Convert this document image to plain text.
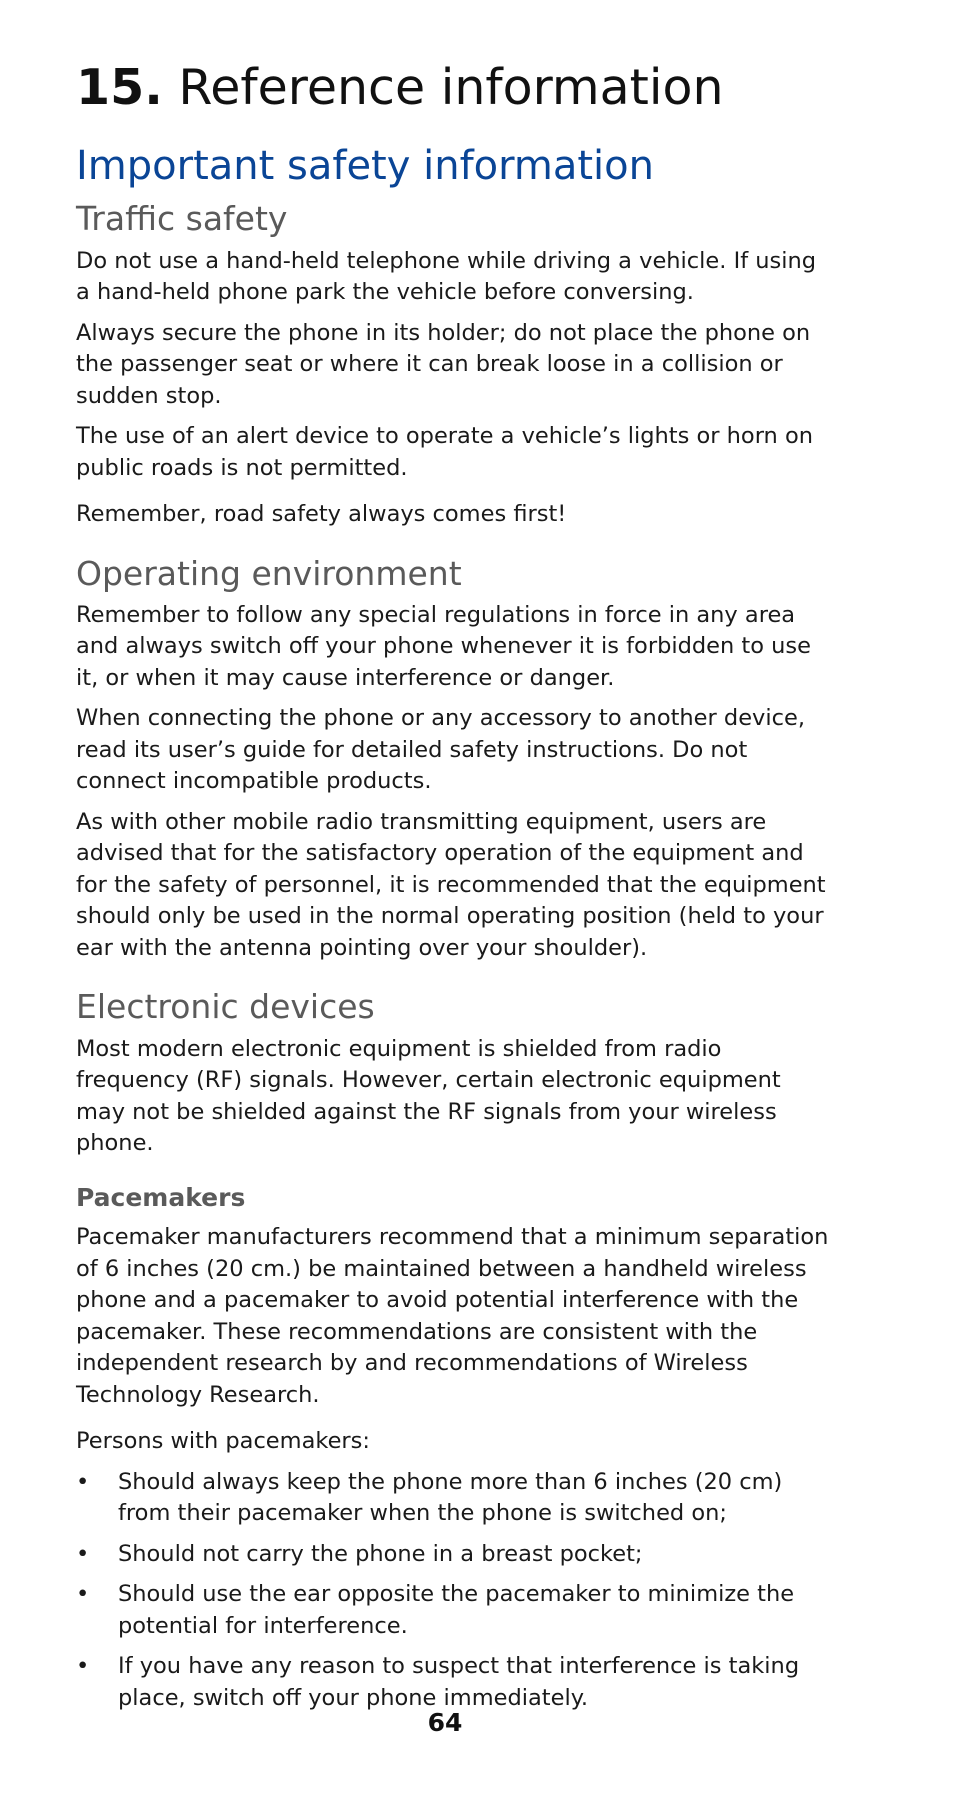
15. Reference information
Important safety information
Traffic safety

Do not use a hand-held telephone while driving a vehicle. If using a hand-held phone park the vehicle before conversing.

Always secure the phone in its holder; do not place the phone on the passenger seat or where it can break loose in a collision or sudden stop.

The use of an alert device to operate a vehicle’s lights or horn on public roads is not permitted.

Remember, road safety always comes first!

Operating environment

Remember to follow any special regulations in force in any area and always switch off your phone whenever it is forbidden to use it, or when it may cause interference or danger.

When connecting the phone or any accessory to another device, read its user’s guide for detailed safety instructions. Do not connect incompatible products.

As with other mobile radio transmitting equipment, users are advised that for the satisfactory operation of the equipment and for the safety of personnel, it is recommended that the equipment should only be used in the normal operating position (held to your ear with the antenna pointing over your shoulder).

Electronic devices

Most modern electronic equipment is shielded from radio frequency (RF) signals. However, certain electronic equipment may not be shielded against the RF signals from your wireless phone.

Pacemakers

Pacemaker manufacturers recommend that a minimum separation of 6 inches (20 cm.) be maintained between a handheld wireless phone and a pacemaker to avoid potential interference with the pacemaker. These recommendations are consistent with the independent research by and recommendations of Wireless Technology Research.

Persons with pacemakers:

• Should always keep the phone more than 6 inches (20 cm) from their pacemaker when the phone is switched on;
• Should not carry the phone in a breast pocket;
• Should use the ear opposite the pacemaker to minimize the potential for interference.
• If you have any reason to suspect that interference is taking place, switch off your phone immediately.
64
